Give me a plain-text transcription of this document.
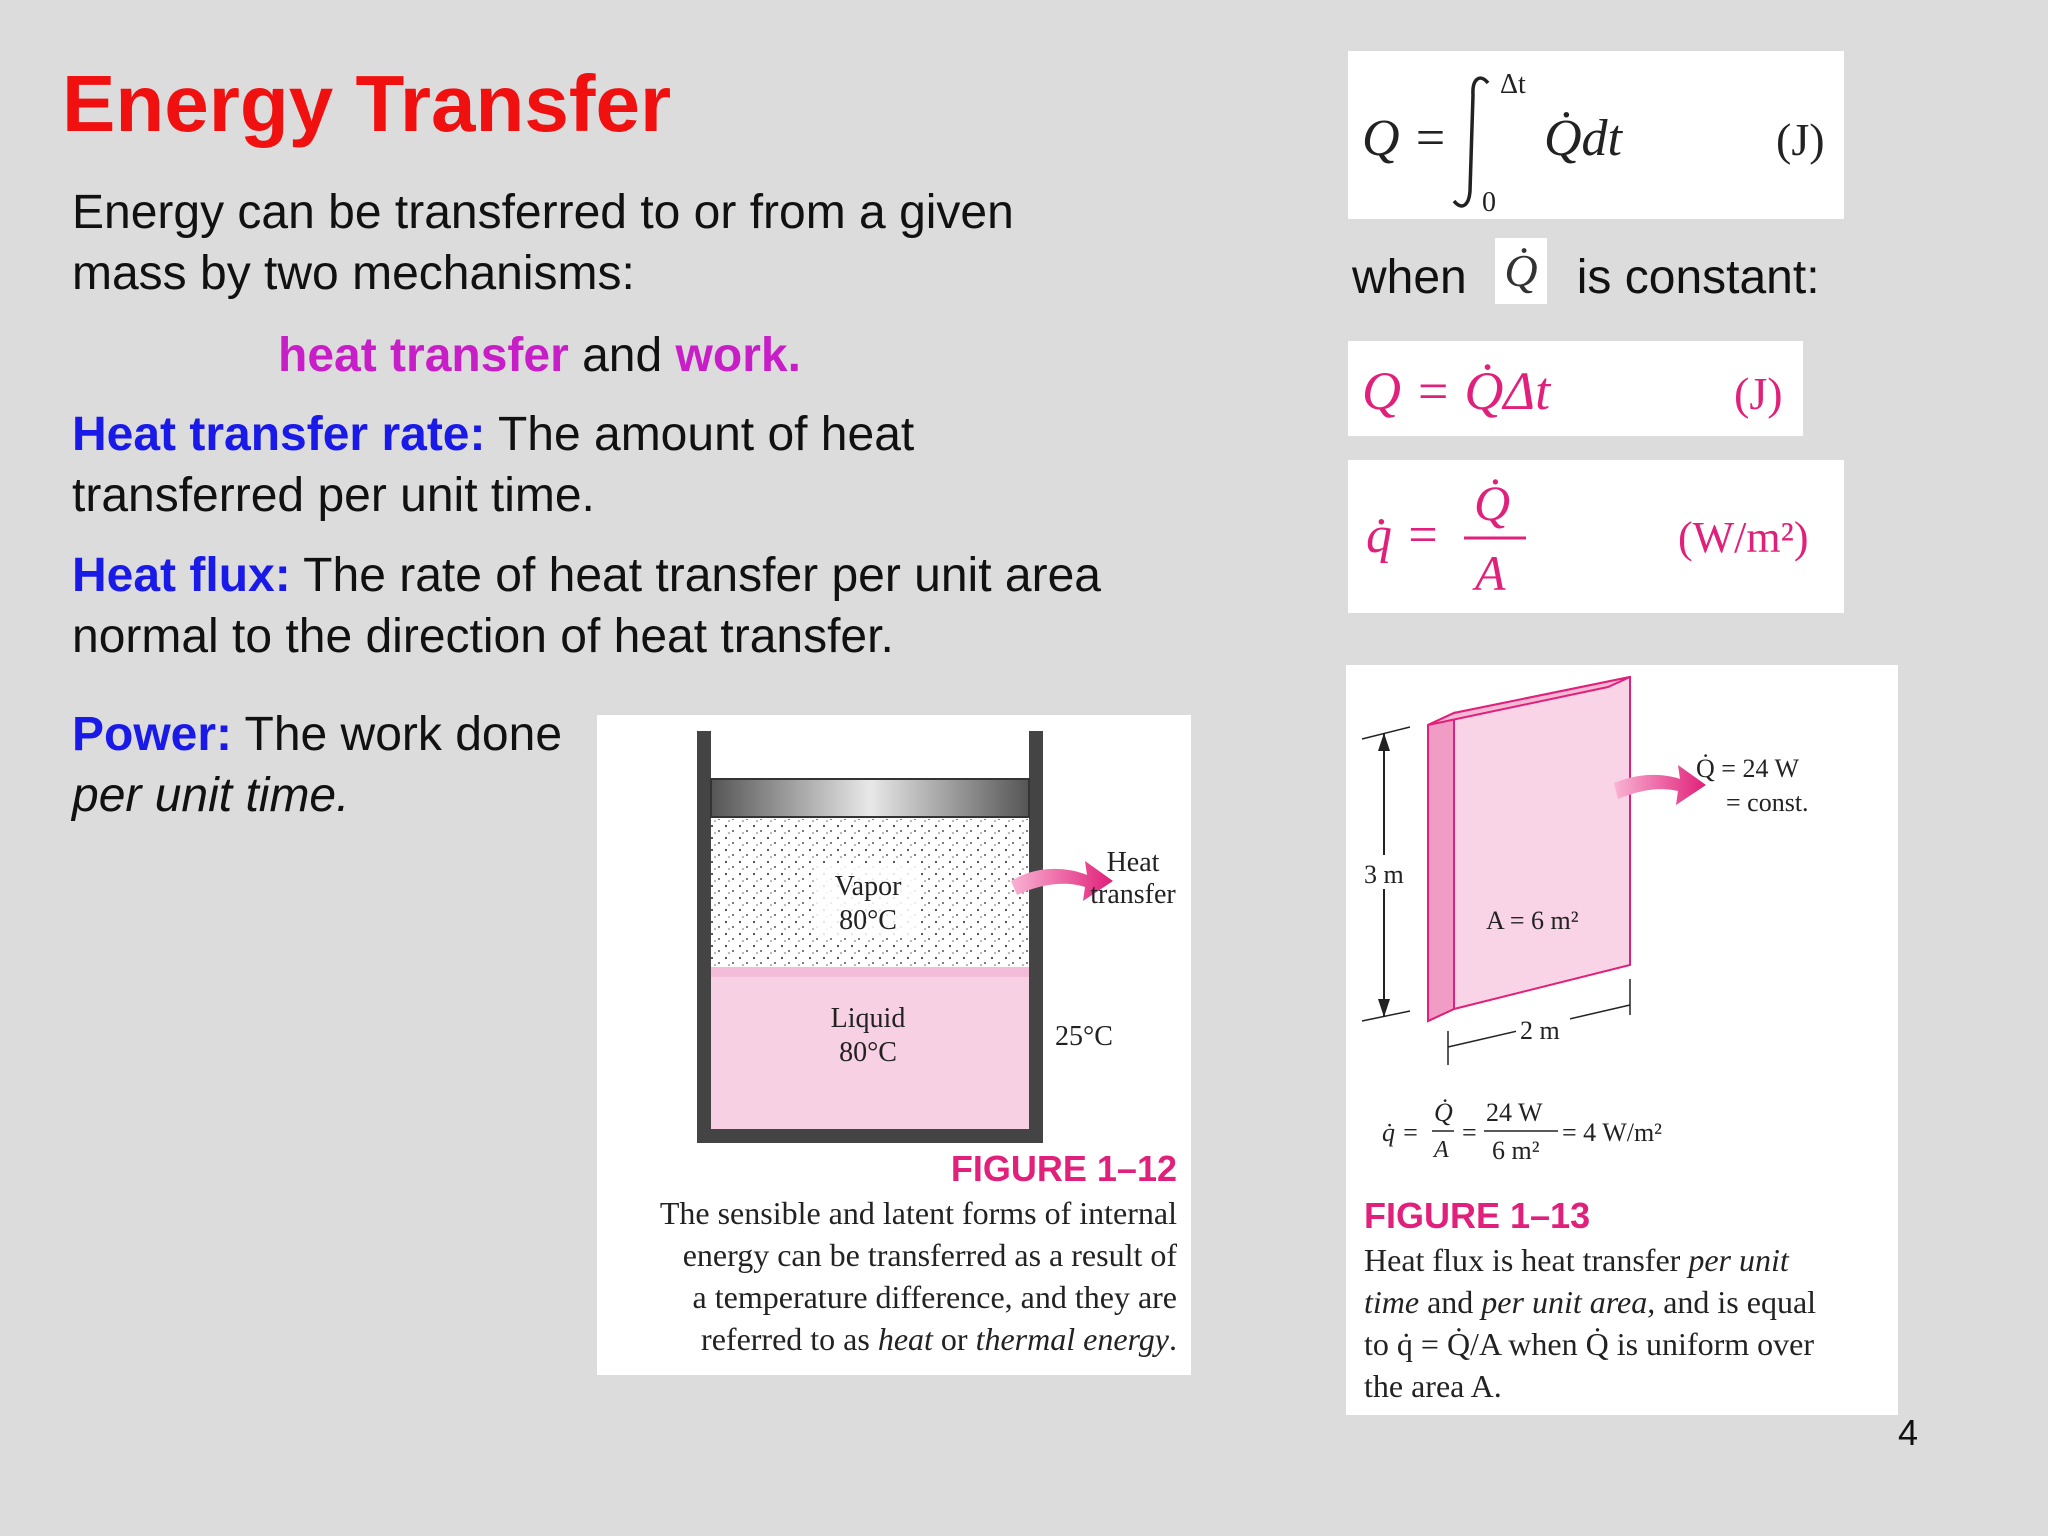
Energy Transfer
Energy can be transferred to or from a given mass by two mechanisms:
heat transfer and work.
Heat transfer rate: The amount of heat transferred per unit time.
Heat flux: The rate of heat transfer per unit area normal to the direction of heat transfer.
Power: The work done per unit time.
Q =
Δt
0
Q̇dt	(J)
when is constant:
Q̇
Q = Q̇Δt	(J)
q̇ =
Q̇
A
(W/m²)
Vapor
80°C
Liquid
80°C
Heat
transfer
25°C
FIGURE 1–12
The sensible and latent forms of internal
energy can be transferred as a result of
a temperature difference, and they are
referred to as heat or thermal energy.
3 m
2 m
A = 6 m²
Q̇ = 24 W
= const.
q̇ =
Q̇
A
=
24 W
6 m²
= 4 W/m²
FIGURE 1–13
Heat flux is heat transfer per unit
time and per unit area, and is equal
to q̇ = Q̇/A when Q̇ is uniform over
the area A.
4
